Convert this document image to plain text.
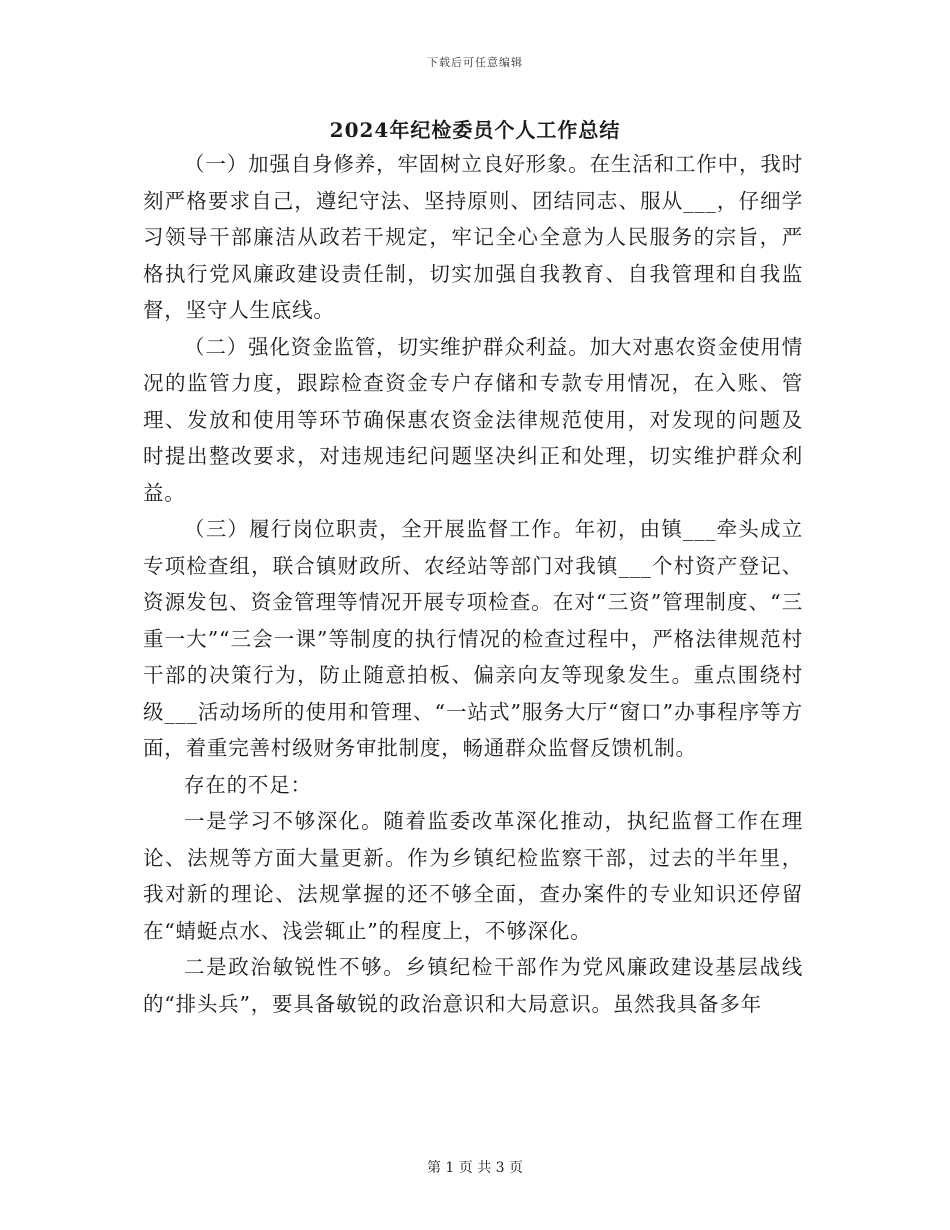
下载后可任意编辑
2024年纪检委员个人工作总结

（一）加强自身修养，牢固树立良好形象。在生活和工作中，我时刻严格要求自己，遵纪守法、坚持原则、团结同志、服从___，仔细学习领导干部廉洁从政若干规定，牢记全心全意为人民服务的宗旨，严格执行党风廉政建设责任制，切实加强自我教育、自我管理和自我监督，坚守人生底线。

（二）强化资金监管，切实维护群众利益。加大对惠农资金使用情况的监管力度，跟踪检查资金专户存储和专款专用情况，在入账、管理、发放和使用等环节确保惠农资金法律规范使用，对发现的问题及时提出整改要求，对违规违纪问题坚决纠正和处理，切实维护群众利益。

（三）履行岗位职责，全开展监督工作。年初，由镇___牵头成立专项检查组，联合镇财政所、农经站等部门对我镇___个村资产登记、资源发包、资金管理等情况开展专项检查。在对“三资”管理制度、“三重一大”“三会一课”等制度的执行情况的检查过程中，严格法律规范村干部的决策行为，防止随意拍板、偏亲向友等现象发生。重点围绕村级___活动场所的使用和管理、“一站式”服务大厅“窗口”办事程序等方面，着重完善村级财务审批制度，畅通群众监督反馈机制。

存在的不足：

一是学习不够深化。随着监委改革深化推动，执纪监督工作在理论、法规等方面大量更新。作为乡镇纪检监察干部，过去的半年里，我对新的理论、法规掌握的还不够全面，查办案件的专业知识还停留在“蜻蜓点水、浅尝辄止”的程度上，不够深化。

二是政治敏锐性不够。乡镇纪检干部作为党风廉政建设基层战线的“排头兵”，要具备敏锐的政治意识和大局意识。虽然我具备多年

第 1 页 共 3 页
